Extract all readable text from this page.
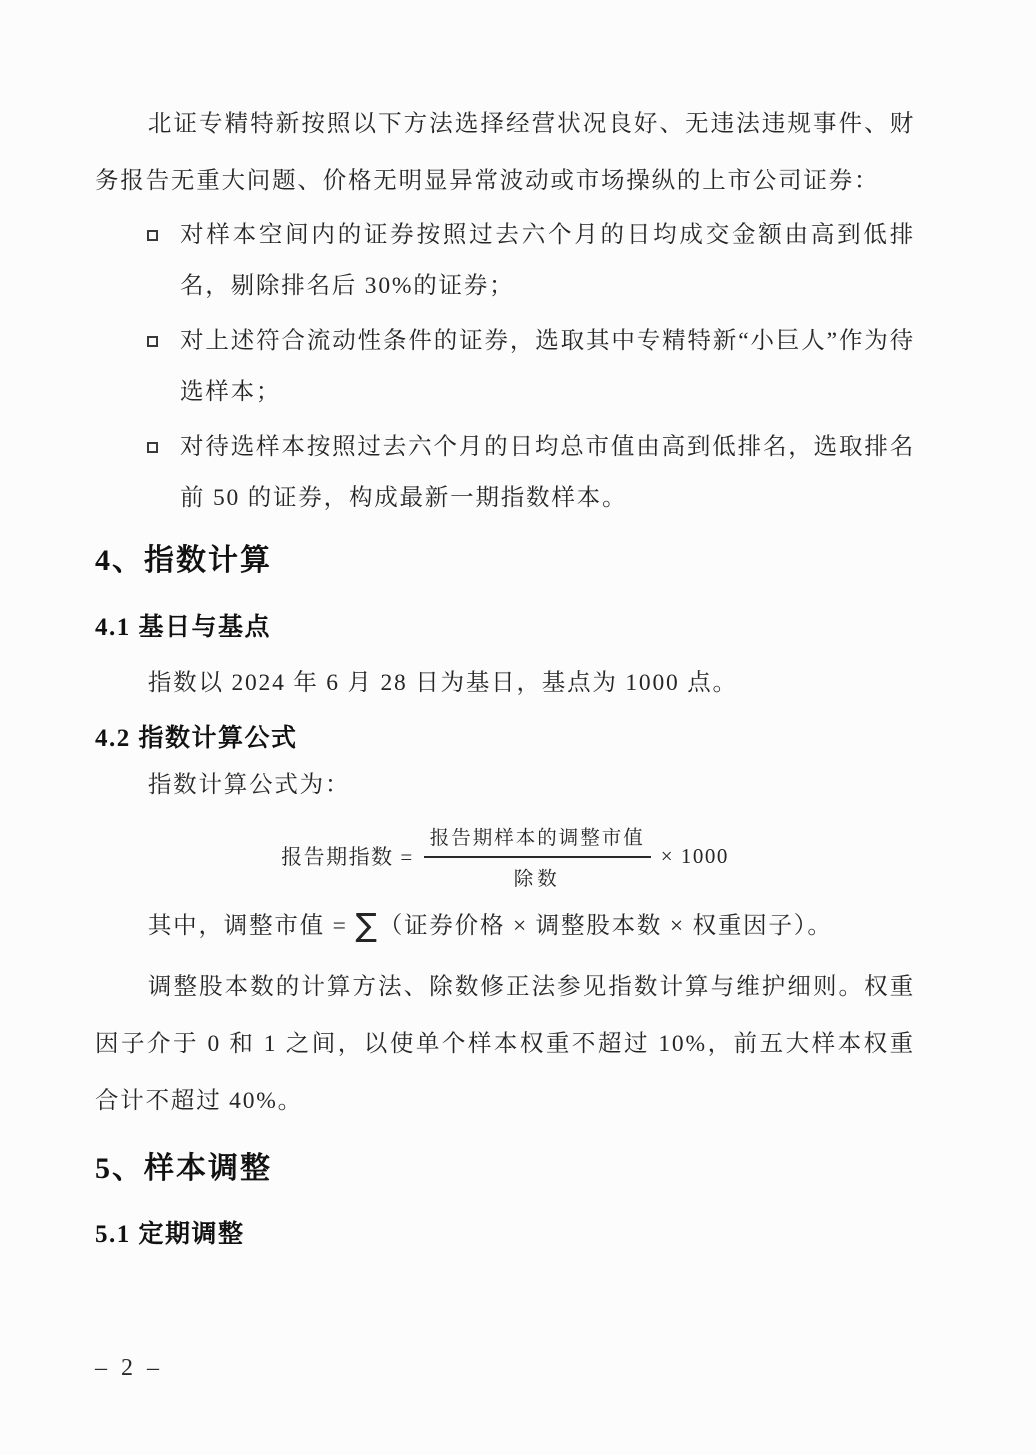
北证专精特新按照以下方法选择经营状况良好、无违法违规事件、财务报告无重大问题、价格无明显异常波动或市场操纵的上市公司证券：

对样本空间内的证券按照过去六个月的日均成交金额由高到低排名，剔除排名后 30%的证券；
对上述符合流动性条件的证券，选取其中专精特新“小巨人”作为待选样本；
对待选样本按照过去六个月的日均总市值由高到低排名，选取排名前 50 的证券，构成最新一期指数样本。
4、指数计算
4.1 基日与基点

指数以 2024 年 6 月 28 日为基日，基点为 1000 点。

4.2 指数计算公式

指数计算公式为：

报告期指数 = $\frac{\text{报告期样本的调整市值}}{\text{除数}} \times 1000$

其中，调整市值 = ∑（证券价格 × 调整股本数 × 权重因子）。

调整股本数的计算方法、除数修正法参见指数计算与维护细则。权重因子介于 0 和 1 之间，以使单个样本权重不超过 10%，前五大样本权重合计不超过 40%。

5、样本调整
5.1 定期调整
– 2 –
